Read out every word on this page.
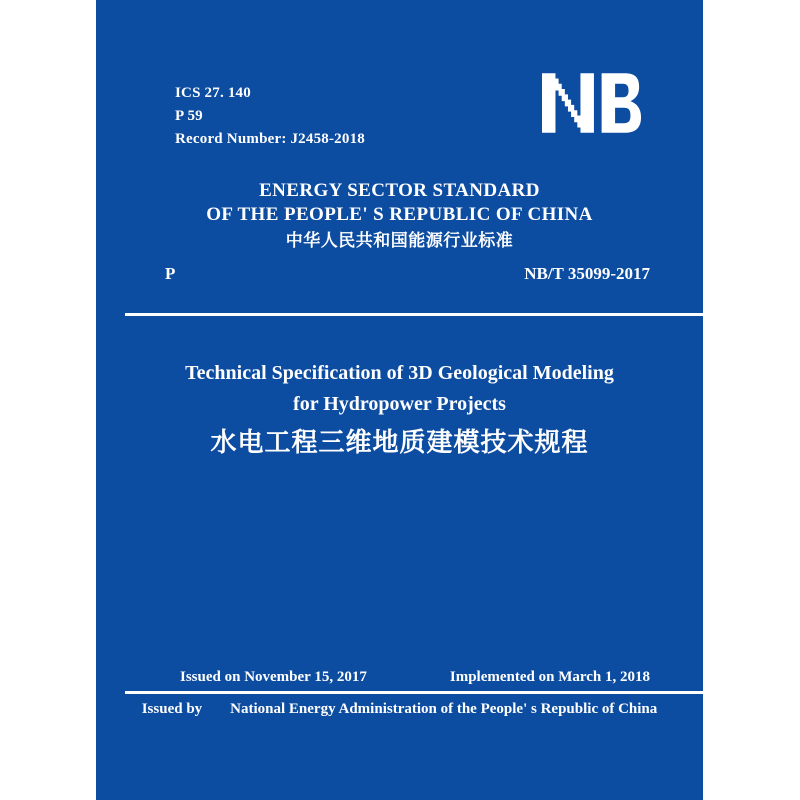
ICS 27. 140
P 59
Record Number: J2458-2018
ENERGY SECTOR STANDARD
OF THE PEOPLE' S REPUBLIC OF CHINA
中华人民共和国能源行业标准
P	NB/T 35099-2017
Technical Specification of 3D Geological Modeling
for Hydropower Projects
水电工程三维地质建模技术规程
Issued on November 15, 2017	Implemented on March 1, 2018
Issued by National Energy Administration of the People' s Republic of China
